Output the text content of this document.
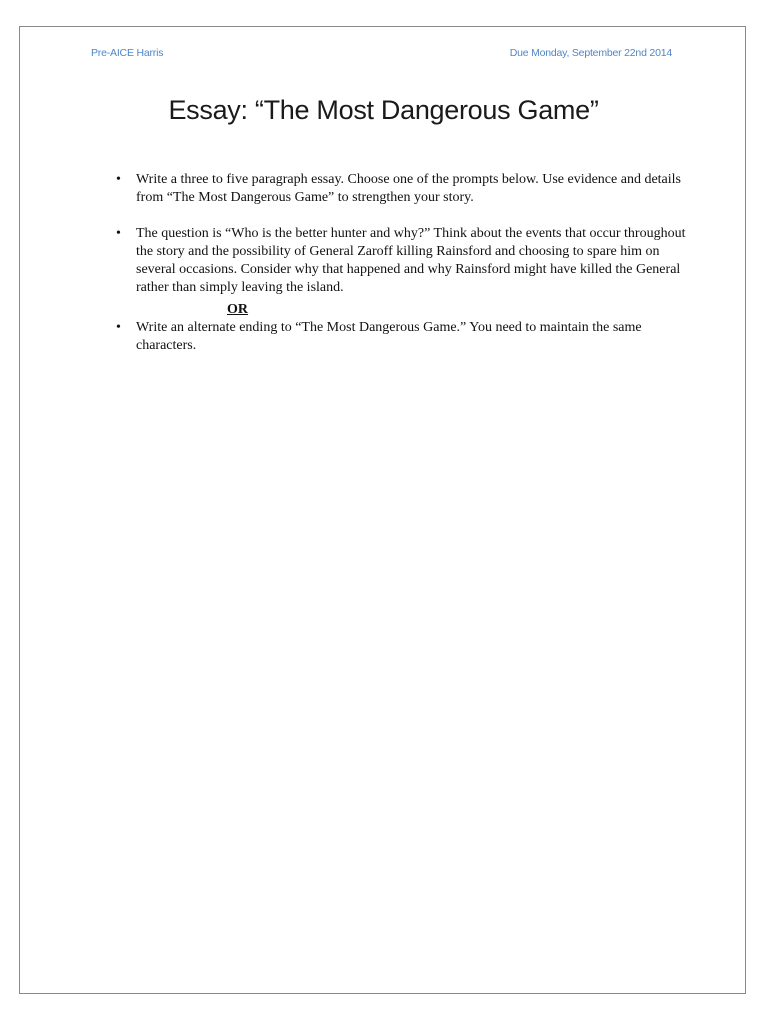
Pre-AICE Harris	Due Monday, September 22nd 2014
Essay: “The Most Dangerous Game”
• Write a three to five paragraph essay. Choose one of the prompts below. Use evidence and details from “The Most Dangerous Game” to strengthen your story.
• The question is “Who is the better hunter and why?” Think about the events that occur throughout the story and the possibility of General Zaroff killing Rainsford and choosing to spare him on several occasions. Consider why that happened and why Rainsford might have killed the General rather than simply leaving the island.
OR
• Write an alternate ending to “The Most Dangerous Game.” You need to maintain the same characters.
